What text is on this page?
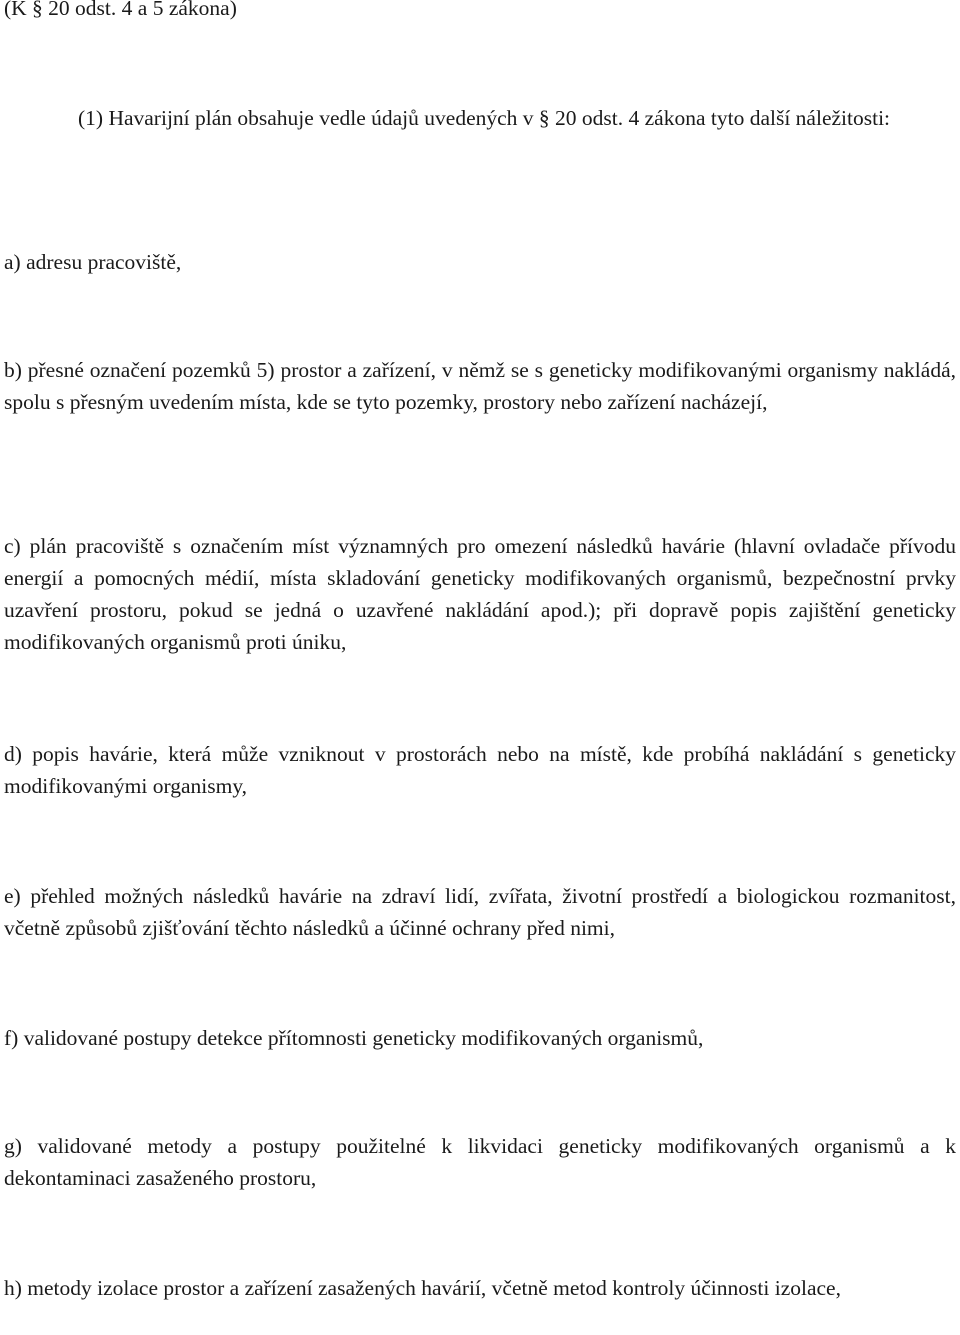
(K § 20 odst. 4 a 5 zákona)

(1) Havarijní plán obsahuje vedle údajů uvedených v § 20 odst. 4 zákona tyto další náležitosti:

a) adresu pracoviště,

b) přesné označení pozemků 5) prostor a zařízení, v němž se s geneticky modifikovanými organismy nakládá, spolu s přesným uvedením místa, kde se tyto pozemky, prostory nebo zařízení nacházejí,

c) plán pracoviště s označením míst významných pro omezení následků havárie (hlavní ovladače přívodu energií a pomocných médií, místa skladování geneticky modifikovaných organismů, bezpečnostní prvky uzavření prostoru, pokud se jedná o uzavřené nakládání apod.); při dopravě popis zajištění geneticky modifikovaných organismů proti úniku,

d) popis havárie, která může vzniknout v prostorách nebo na místě, kde probíhá nakládání s geneticky modifikovanými organismy,

e) přehled možných následků havárie na zdraví lidí, zvířata, životní prostředí a biologickou rozmanitost, včetně způsobů zjišťování těchto následků a účinné ochrany před nimi,

f) validované postupy detekce přítomnosti geneticky modifikovaných organismů,

g) validované metody a postupy použitelné k likvidaci geneticky modifikovaných organismů a k dekontaminaci zasaženého prostoru,

h) metody izolace prostor a zařízení zasažených havárií, včetně metod kontroly účinnosti izolace,
